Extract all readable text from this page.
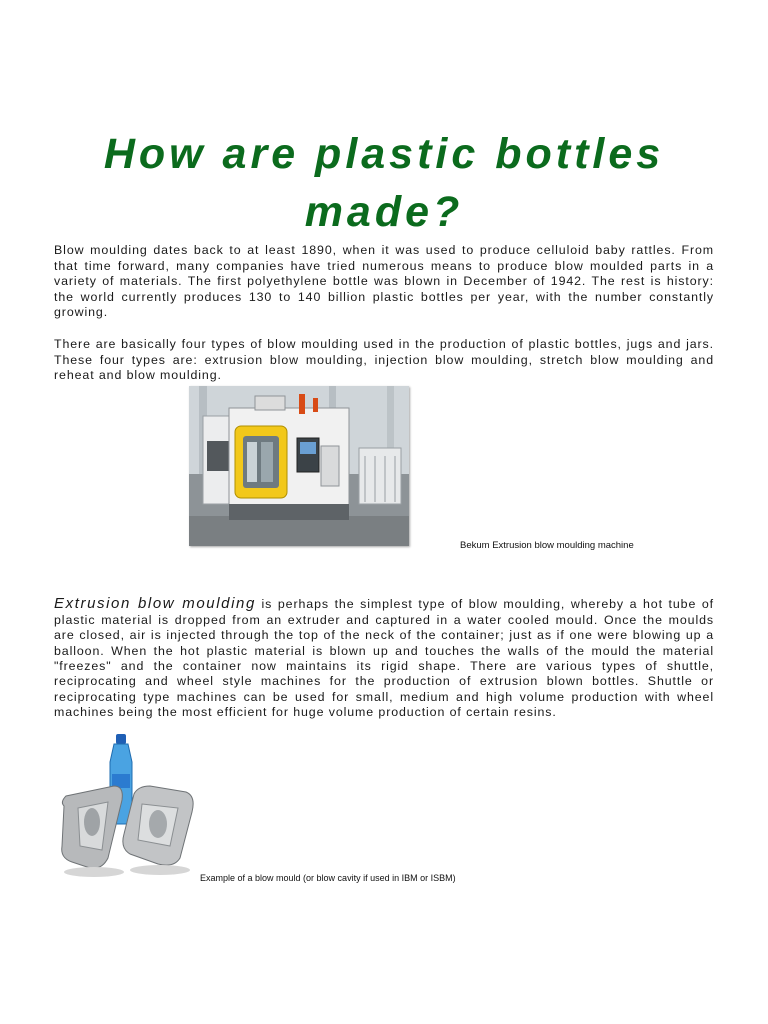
How are plastic bottles made?

Blow moulding dates back to at least 1890, when it was used to produce celluloid baby rattles. From that time forward, many companies have tried numerous means to produce blow moulded parts in a variety of materials. The first polyethylene bottle was blown in December of 1942. The rest is history: the world currently produces 130 to 140 billion plastic bottles per year, with the number constantly growing.

There are basically four types of blow moulding used in the production of plastic bottles, jugs and jars. These four types are: extrusion blow moulding, injection blow moulding, stretch blow moulding and reheat and blow moulding.

Bekum Extrusion blow moulding machine

Extrusion blow moulding is perhaps the simplest type of blow moulding, whereby a hot tube of plastic material is dropped from an extruder and captured in a water cooled mould. Once the moulds are closed, air is injected through the top of the neck of the container; just as if one were blowing up a balloon. When the hot plastic material is blown up and touches the walls of the mould the material "freezes" and the container now maintains its rigid shape. There are various types of shuttle, reciprocating and wheel style machines for the production of extrusion blown bottles. Shuttle or reciprocating type machines can be used for small, medium and high volume production with wheel machines being the most efficient for huge volume production of certain resins.

Example of a blow mould (or blow cavity if used in IBM or ISBM)
